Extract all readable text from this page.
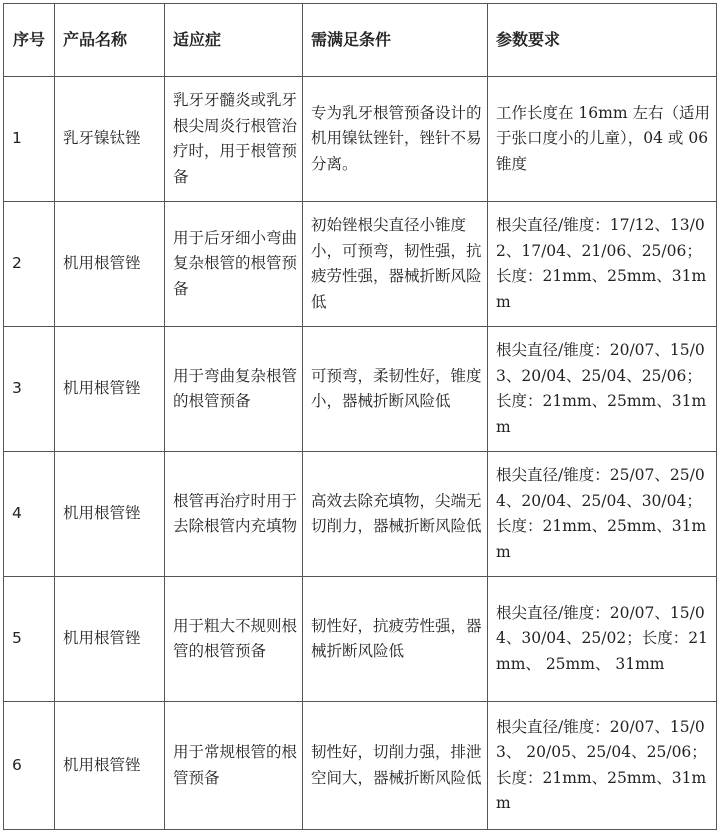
序号	产品名称	适应症	需满足条件	参数要求
1	乳牙镍钛锉	乳牙牙髓炎或乳牙根尖周炎行根管治疗时，用于根管预备	专为乳牙根管预备设计的机用镍钛锉针，锉针不易分离。	工作长度在 16mm 左右（适用于张口度小的儿童），04 或 06 锥度
2	机用根管锉	用于后牙细小弯曲复杂根管的根管预备	初始锉根尖直径小锥度小，可预弯，韧性强，抗疲劳性强，器械折断风险低	根尖直径/锥度：17/12、13/02、17/04、21/06、25/06；长度：21mm、25mm、31mm
3	机用根管锉	用于弯曲复杂根管的根管预备	可预弯，柔韧性好，锥度小，器械折断风险低	根尖直径/锥度：20/07、15/03、20/04、25/04、25/06；长度：21mm、25mm、31mm
4	机用根管锉	根管再治疗时用于去除根管内充填物	高效去除充填物，尖端无切削力，器械折断风险低	根尖直径/锥度：25/07、25/04、20/04、25/04、30/04；长度：21mm、25mm、31mm
5	机用根管锉	用于粗大不规则根管的根管预备	韧性好，抗疲劳性强，器械折断风险低	根尖直径/锥度：20/07、15/04、30/04、25/02；长度：21mm、 25mm、 31mm
6	机用根管锉	用于常规根管的根管预备	韧性好，切削力强，排泄空间大，器械折断风险低	根尖直径/锥度：20/07、15/03、 20/05、25/04、25/06；长度：21mm、25mm、31mm
